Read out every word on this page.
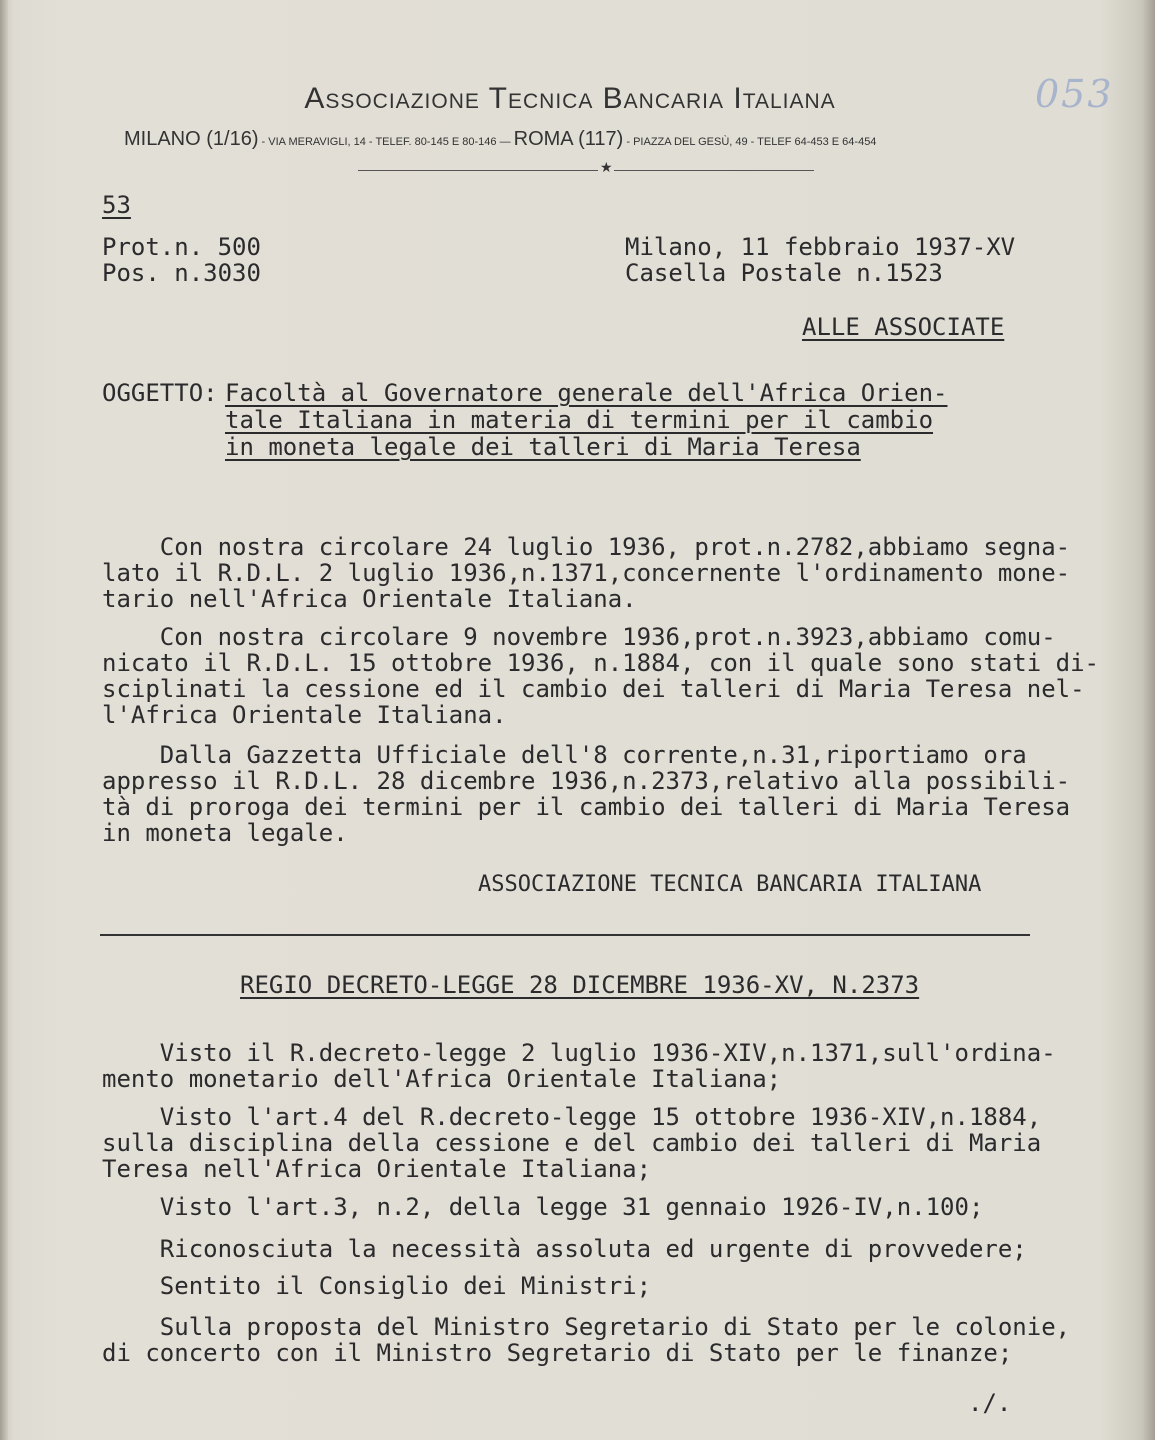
Associazione Tecnica Bancaria Italiana	053
MILANO (1/16) - VIA MERAVIGLI, 14 - TELEF. 80-145 E 80-146 — ROMA (117) - PIAZZA DEL GESÙ, 49 - TELEF 64-453 E 64-454
★
53
Prot.n. 500
Pos. n.3030
Milano, 11 febbraio 1937-XV
Casella Postale n.1523
ALLE ASSOCIATE
OGGETTO: Facoltà al Governatore generale dell'Africa Orien-
tale Italiana in materia di termini per il cambio
in moneta legale dei talleri di Maria Teresa
Con nostra circolare 24 luglio 1936, prot.n.2782,abbiamo segna-
lato il R.D.L. 2 luglio 1936,n.1371,concernente l'ordinamento mone-
tario nell'Africa Orientale Italiana.
Con nostra circolare 9 novembre 1936,prot.n.3923,abbiamo comu-
nicato il R.D.L. 15 ottobre 1936, n.1884, con il quale sono stati di-
sciplinati la cessione ed il cambio dei talleri di Maria Teresa nel-
l'Africa Orientale Italiana.
Dalla Gazzetta Ufficiale dell'8 corrente,n.31,riportiamo ora
appresso il R.D.L. 28 dicembre 1936,n.2373,relativo alla possibili-
tà di proroga dei termini per il cambio dei talleri di Maria Teresa
in moneta legale.
ASSOCIAZIONE TECNICA BANCARIA ITALIANA
REGIO DECRETO-LEGGE 28 DICEMBRE 1936-XV, N.2373
Visto il R.decreto-legge 2 luglio 1936-XIV,n.1371,sull'ordina-
mento monetario dell'Africa Orientale Italiana;
Visto l'art.4 del R.decreto-legge 15 ottobre 1936-XIV,n.1884,
sulla disciplina della cessione e del cambio dei talleri di Maria
Teresa nell'Africa Orientale Italiana;
Visto l'art.3, n.2, della legge 31 gennaio 1926-IV,n.100;
Riconosciuta la necessità assoluta ed urgente di provvedere;
Sentito il Consiglio dei Ministri;
Sulla proposta del Ministro Segretario di Stato per le colonie,
di concerto con il Ministro Segretario di Stato per le finanze;
./.
